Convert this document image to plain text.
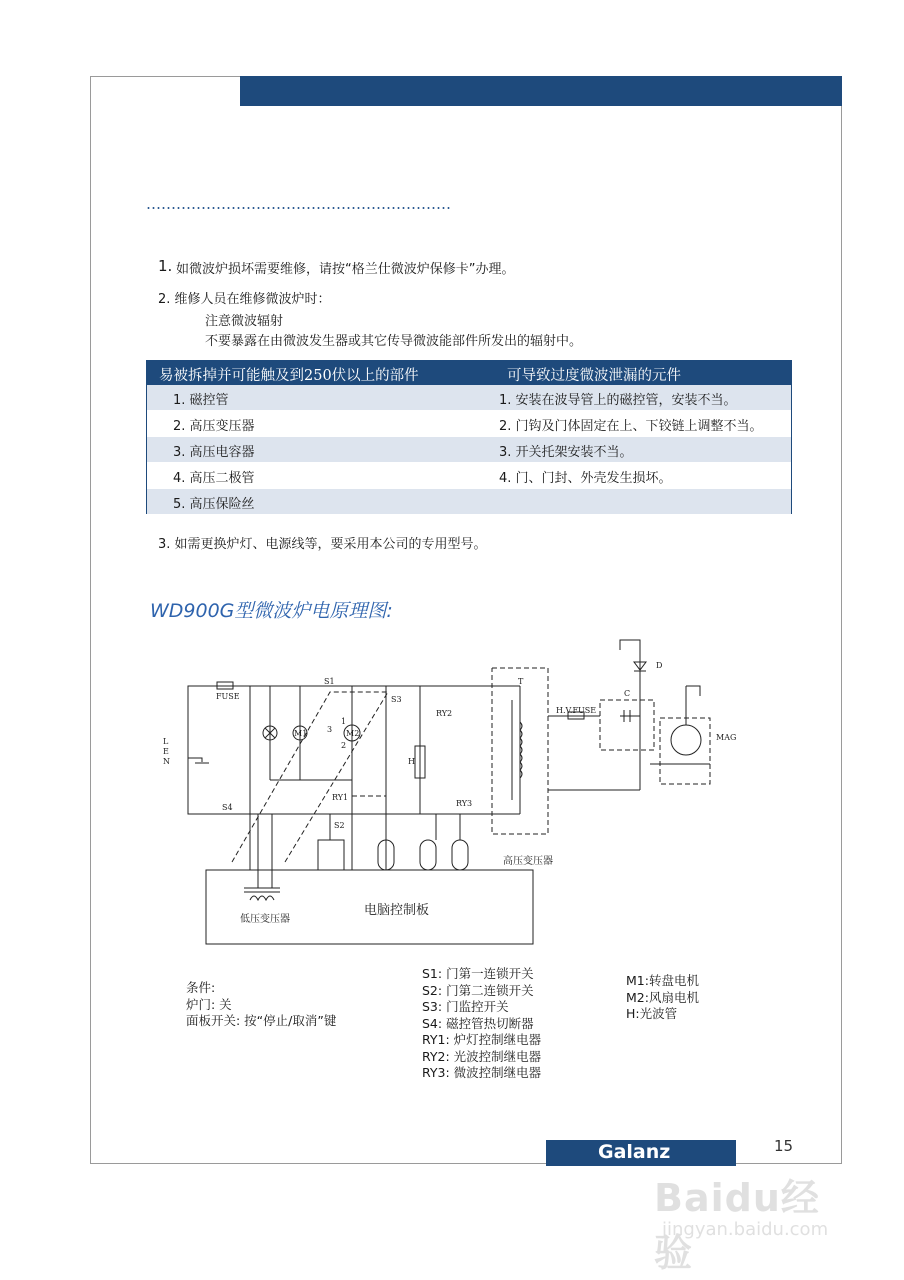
1. 如微波炉损坏需要维修，请按“格兰仕微波炉保修卡”办理。
2. 维修人员在维修微波炉时：
注意微波辐射
不要暴露在由微波发生器或其它传导微波能部件所发出的辐射中。
易被拆掉并可能触及到250伏以上的部件	可导致过度微波泄漏的元件
1. 磁控管	1. 安装在波导管上的磁控管，安装不当。
2. 高压变压器	2. 门钩及门体固定在上、下铰链上调整不当。
3. 高压电容器	3. 开关托架安装不当。
4. 高压二极管	4. 门、门封、外壳发生损坏。
5. 高压保险丝
3. 如需更换炉灯、电源线等，要采用本公司的专用型号。
WD900G型微波炉电原理图:
FUSE
H.V.FUSE
S1
S2
S3
S4
RY1
RY2
RY3
M1	M2
H
T
C
D
MAG
L
E
N
1
2
3
高压变压器
低压变压器
电脑控制板
条件:
炉门: 关
面板开关: 按“停止/取消”键
S1: 门第一连锁开关
S2: 门第二连锁开关
S3: 门监控开关
S4: 磁控管热切断器
RY1: 炉灯控制继电器
RY2: 光波控制继电器
RY3: 微波控制继电器
M1:转盘电机
M2:风扇电机
H:光波管
Galanz	15
Baidu经验
jingyan.baidu.com
